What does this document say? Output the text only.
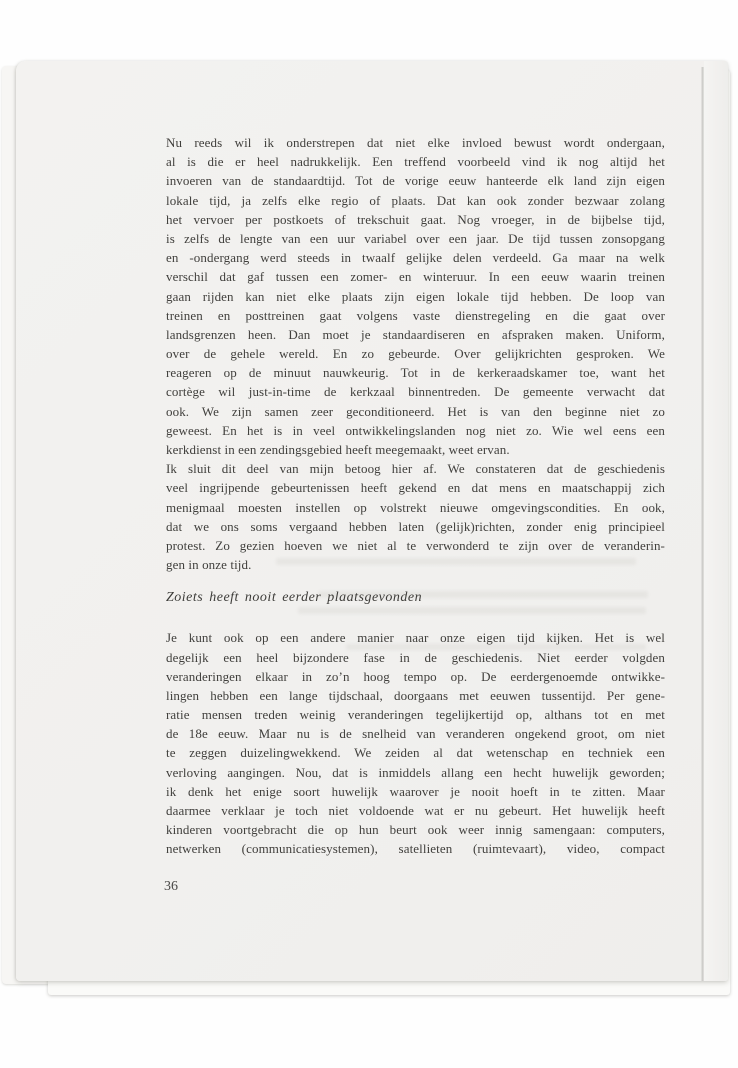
Nu reeds wil ik onderstrepen dat niet elke invloed bewust wordt ondergaan,
al is die er heel nadrukkelijk. Een treffend voorbeeld vind ik nog altijd het
invoeren van de standaardtijd. Tot de vorige eeuw hanteerde elk land zijn eigen
lokale tijd, ja zelfs elke regio of plaats. Dat kan ook zonder bezwaar zolang
het vervoer per postkoets of trekschuit gaat. Nog vroeger, in de bijbelse tijd,
is zelfs de lengte van een uur variabel over een jaar. De tijd tussen zonsopgang
en -ondergang werd steeds in twaalf gelijke delen verdeeld. Ga maar na welk
verschil dat gaf tussen een zomer- en winteruur. In een eeuw waarin treinen
gaan rijden kan niet elke plaats zijn eigen lokale tijd hebben. De loop van
treinen en posttreinen gaat volgens vaste dienstregeling en die gaat over
landsgrenzen heen. Dan moet je standaardiseren en afspraken maken. Uniform,
over de gehele wereld. En zo gebeurde. Over gelijkrichten gesproken. We
reageren op de minuut nauwkeurig. Tot in de kerkeraadskamer toe, want het
cortège wil just-in-time de kerkzaal binnentreden. De gemeente verwacht dat
ook. We zijn samen zeer geconditioneerd. Het is van den beginne niet zo
geweest. En het is in veel ontwikkelingslanden nog niet zo. Wie wel eens een
kerkdienst in een zendingsgebied heeft meegemaakt, weet ervan.
Ik sluit dit deel van mijn betoog hier af. We constateren dat de geschiedenis
veel ingrijpende gebeurtenissen heeft gekend en dat mens en maatschappij zich
menigmaal moesten instellen op volstrekt nieuwe omgevingscondities. En ook,
dat we ons soms vergaand hebben laten (gelijk)richten, zonder enig principieel
protest. Zo gezien hoeven we niet al te verwonderd te zijn over de veranderin-
gen in onze tijd.
Zoiets heeft nooit eerder plaatsgevonden
Je kunt ook op een andere manier naar onze eigen tijd kijken. Het is wel
degelijk een heel bijzondere fase in de geschiedenis. Niet eerder volgden
veranderingen elkaar in zo’n hoog tempo op. De eerdergenoemde ontwikke-
lingen hebben een lange tijdschaal, doorgaans met eeuwen tussentijd. Per gene-
ratie mensen treden weinig veranderingen tegelijkertijd op, althans tot en met
de 18e eeuw. Maar nu is de snelheid van veranderen ongekend groot, om niet
te zeggen duizelingwekkend. We zeiden al dat wetenschap en techniek een
verloving aangingen. Nou, dat is inmiddels allang een hecht huwelijk geworden;
ik denk het enige soort huwelijk waarover je nooit hoeft in te zitten. Maar
daarmee verklaar je toch niet voldoende wat er nu gebeurt. Het huwelijk heeft
kinderen voortgebracht die op hun beurt ook weer innig samengaan: computers,
netwerken (communicatiesystemen), satellieten (ruimtevaart), video, compact
36
